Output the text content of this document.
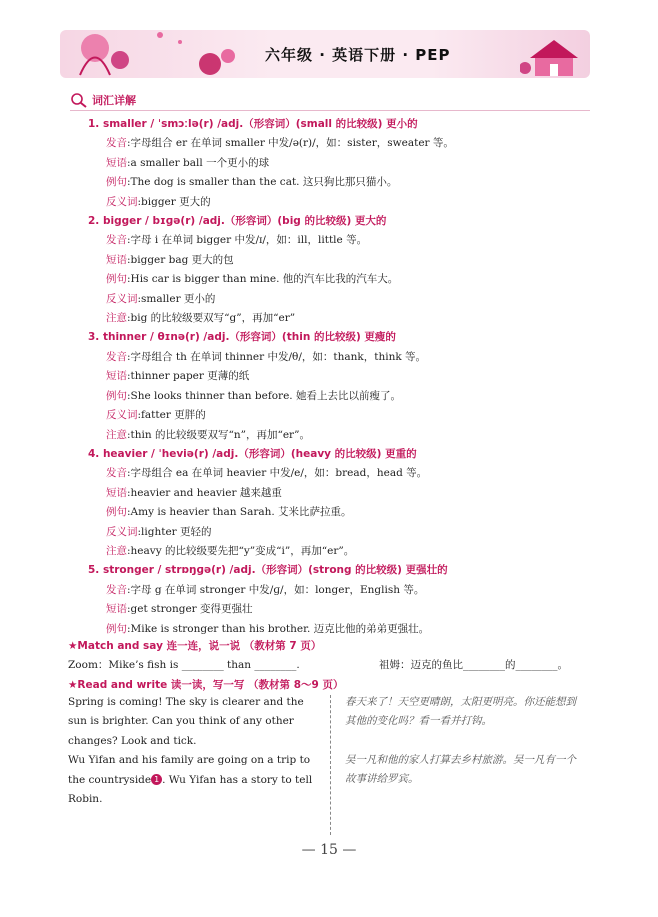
六年级 · 英语下册 · PEP
词汇详解
1. smaller / ˈsmɔːlə(r) /adj.（形容词）(small 的比较级) 更小的
发音:字母组合 er 在单词 smaller 中发/ə(r)/，如：sister，sweater 等。
短语:a smaller ball 一个更小的球
例句:The dog is smaller than the cat. 这只狗比那只猫小。
反义词:bigger 更大的
2. bigger / bɪɡə(r) /adj.（形容词）(big 的比较级) 更大的
发音:字母 i 在单词 bigger 中发/ɪ/，如：ill，little 等。
短语:bigger bag 更大的包
例句:His car is bigger than mine. 他的汽车比我的汽车大。
反义词:smaller 更小的
注意:big 的比较级要双写“g”，再加“er”
3. thinner / θɪnə(r) /adj.（形容词）(thin 的比较级) 更瘦的
发音:字母组合 th 在单词 thinner 中发/θ/，如：thank，think 等。
短语:thinner paper 更薄的纸
例句:She looks thinner than before. 她看上去比以前瘦了。
反义词:fatter 更胖的
注意:thin 的比较级要双写“n”，再加“er”。
4. heavier / ˈheviə(r) /adj.（形容词）(heavy 的比较级) 更重的
发音:字母组合 ea 在单词 heavier 中发/e/，如：bread，head 等。
短语:heavier and heavier 越来越重
例句:Amy is heavier than Sarah. 艾米比萨拉重。
反义词:lighter 更轻的
注意:heavy 的比较级要先把“y”变成“i”，再加“er”。
5. stronger / strɒŋɡə(r) /adj.（形容词）(strong 的比较级) 更强壮的
发音:字母 g 在单词 stronger 中发/ɡ/，如：longer，English 等。
短语:get stronger 变得更强壮
例句:Mike is stronger than his brother. 迈克比他的弟弟更强壮。
★Match and say 连一连，说一说 （教材第 7 页）
Zoom：Mike’s fish is ________ than ________.	祖姆：迈克的鱼比________的________。
★Read and write 读一读，写一写 （教材第 8～9 页）
Spring is coming! The sky is clearer and the sun is brighter. Can you think of any other changes? Look and tick.
Wu Yifan and his family are going on a trip to the countryside 1 . Wu Yifan has a story to tell Robin.
春天来了！天空更晴朗，太阳更明亮。你还能想到其他的变化吗？看一看并打钩。
吴一凡和他的家人打算去乡村旅游。吴一凡有一个故事讲给罗宾。
— 15 —
